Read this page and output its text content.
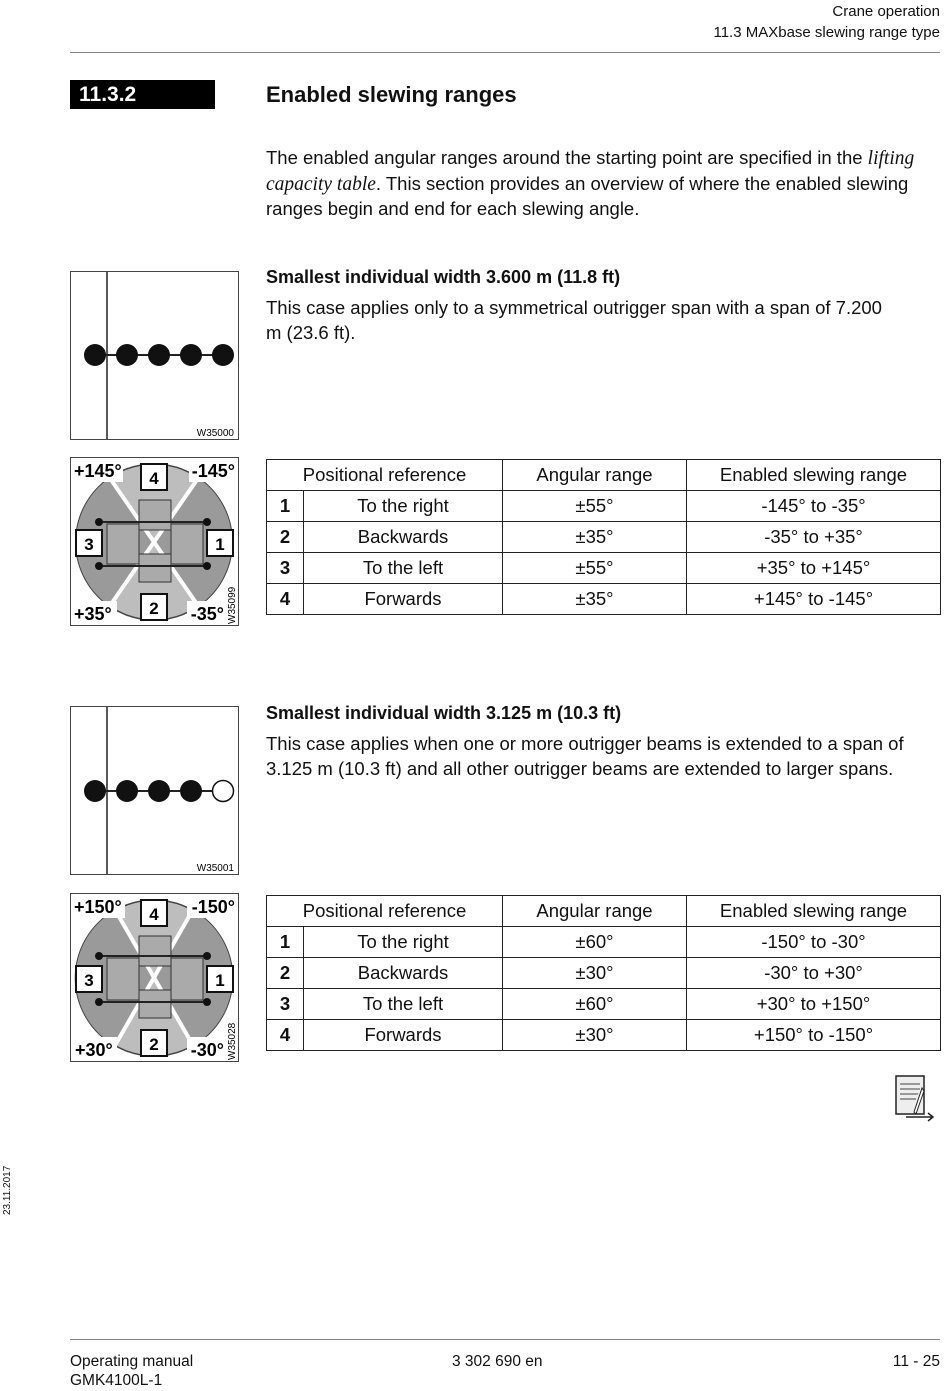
Crane operation
11.3 MAXbase slewing range type
11.3.2	Enabled slewing ranges
The enabled angular ranges around the starting point are specified in the lifting capacity table. This section provides an overview of where the enabled slewing ranges begin and end for each slewing angle.
W35000
Smallest individual width 3.600 m (11.8 ft)
This case applies only to a symmetrical outrigger span with a span of 7.200 m (23.6 ft).
4
3	1
2
+145°	-145°
+35°	-35° W35099
Positional reference		Angular range	Enabled slewing range
1	To the right	±55°	-145° to -35°
2	Backwards	±35°	-35° to +35°
3	To the left	±55°	+35° to +145°
4	Forwards	±35°	+145° to -145°
W35001
Smallest individual width 3.125 m (10.3 ft)
This case applies when one or more outrigger beams is extended to a span of 3.125 m (10.3 ft) and all other outrigger beams are extended to larger spans.
4
3	1
2
+150°	-150°
+30°	-30° W35028
Positional reference		Angular range	Enabled slewing range
1	To the right	±60°	-150° to -30°
2	Backwards	±30°	-30° to +30°
3	To the left	±60°	+30° to +150°
4	Forwards	±30°	+150° to -150°
23.11.2017
Operating manual
GMK4100L-1
3 302 690 en	11 - 25
